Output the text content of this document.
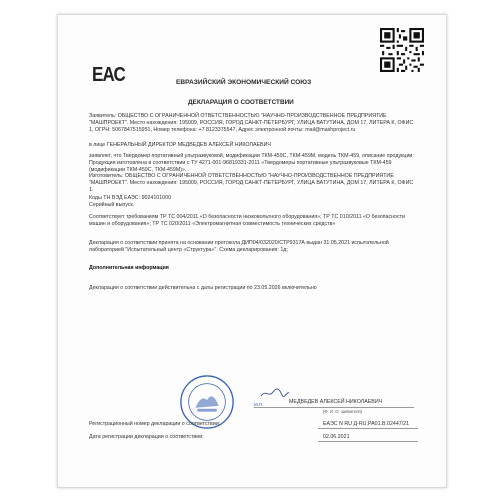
ЕАС	ЕВРАЗИЙСКИЙ ЭКОНОМИЧЕСКИЙ СОЮЗ
ДЕКЛАРАЦИЯ О СООТВЕТСТВИИ
Заявитель: ОБЩЕСТВО С ОГРАНИЧЕННОЙ ОТВЕТСТВЕННОСТЬЮ "НАУЧНО-ПРОИЗВОДСТВЕННОЕ ПРЕДПРИЯТИЕ "МАШПРОЕКТ". Место нахождения: 195009, РОССИЯ, ГОРОД САНКТ-ПЕТЕРБУРГ, УЛИЦА ВАТУТИНА, ДОМ 17, ЛИТЕРА К, ОФИС 1, ОГРН: 5067847515951, Номер телефона: +7 8123375547, Адрес электронной почты: mail@mashproject.ru
в лице ГЕНЕРАЛЬНЫЙ ДИРЕКТОР МЕДВЕДЕВ АЛЕКСЕЙ НИКОЛАЕВИЧ
заявляет, что Твердомер портативный ультразвуковой, модификации ТКМ-459С, ТКМ-459М, модель ТКМ-459, описание продукции: Продукция изготовлена в соответствии с ТУ 4271-001-96819331-2011 «Твердомеры портативные ультразвуковые ТКМ-459 (модификации ТКМ-459С, ТКМ-459М)».
Изготовитель: ОБЩЕСТВО С ОГРАНИЧЕННОЙ ОТВЕТСТВЕННОСТЬЮ "НАУЧНО-ПРОИЗВОДСТВЕННОЕ ПРЕДПРИЯТИЕ "МАШПРОЕКТ". Место нахождения: 195009, РОССИЯ, ГОРОД САНКТ-ПЕТЕРБУРГ, УЛИЦА ВАТУТИНА, ДОМ 17, ЛИТЕРА К, ОФИС 1.
Коды ТН ВЭД ЕАЭС: 9024101000
Серийный выпуск.
Соответствует требованиям ТР ТС 004/2011 «О безопасности низковольтного оборудования»; ТР ТС 010/2011 «О безопасности машин и оборудования»; ТР ТС 020/2011 «Электромагнитная совместимость технических средств»
Декларация о соответствии принята на основании протокола ДИП04/032020/СТР9317А выдан 31.05.2021 испытательной лабораторией "Испытательный центр «Структура»". Схема декларирования: 1д;
Дополнительная информация
Декларация о соответствии действительна с даты регистрации по 23.05.2026 включительно
М.П.	МЕДВЕДЕВ АЛЕКСЕЙ НИКОЛАЕВИЧ
(Ф. И. О. заявителя)
Регистрационный номер декларации о соответствии:	ЕАЭС N RU Д-RU.РА01.В.02447/21
Дата регистрации декларации о соответствии:	02.06.2021
